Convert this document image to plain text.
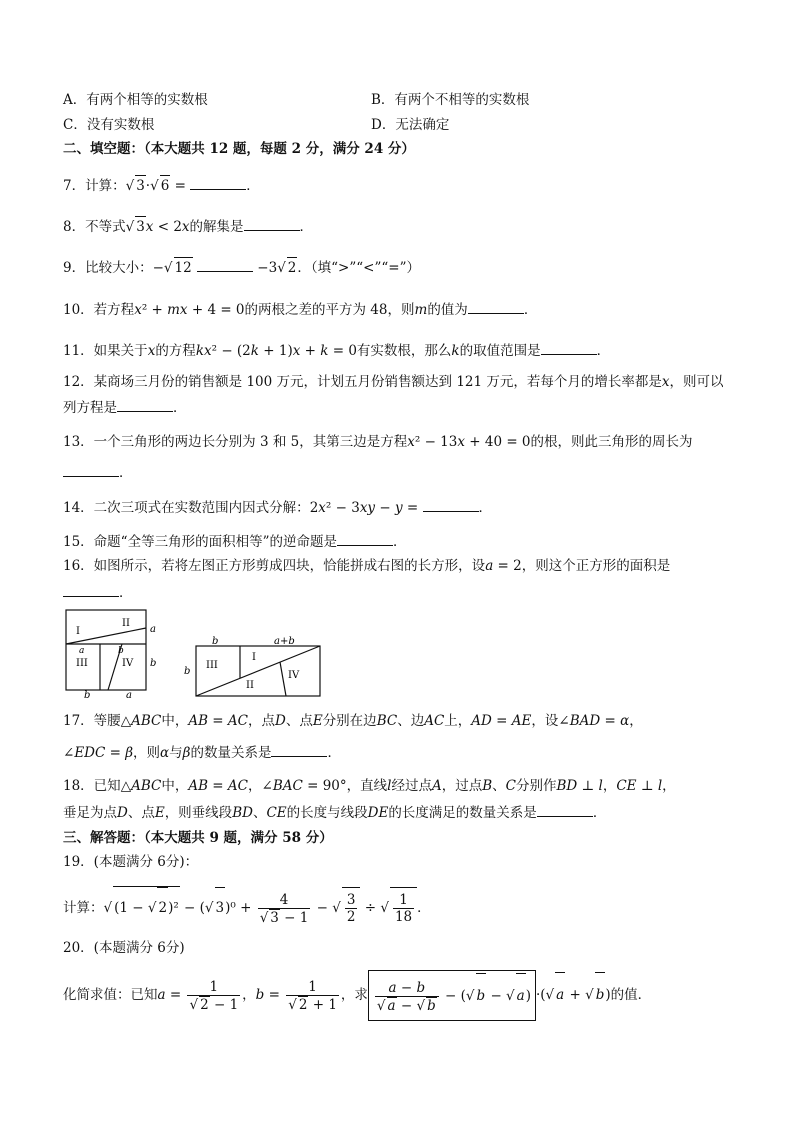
A．有两个相等的实数根	B．有两个不相等的实数根
C．没有实数根	D．无法确定
二、填空题：（本大题共 12 题，每题 2 分，满分 24 分）
7．计算：√ 3·√ 6 =	．
8．不等式√ 3x < 2x的解集是	．
9．比较大小：−√ 12	−3√ 2．（填“>”“<”“=”）
10．若方程x² + mx + 4 = 0的两根之差的平方为 48，则m的值为	．
11．如果关于x的方程kx² − (2k + 1)x + k = 0有实数根，那么k的取值范围是	．
12．某商场三月份的销售额是 100 万元，计划五月份销售额达到 121 万元，若每个月的增长率都是x，则可以
列方程是	．
13．一个三角形的两边长分别为 3 和 5，其第三边是方程x² − 13x + 40 = 0的根，则此三角形的周长为
．
14．二次三项式在实数范围内因式分解：2x² − 3xy − y =	．
15．命题“全等三角形的面积相等”的逆命题是	．
16．如图所示，若将左图正方形剪成四块，恰能拼成右图的长方形，设a = 2，则这个正方形的面积是
．
I
II
III	IV
a
a
a
b
b
b
b	a+b
b
I
II
III
IV
17．等腰△ABC中，AB = AC，点D、点E分别在边BC、边AC上，AD = AE，设∠BAD = α，
∠EDC = β，则α与β的数量关系是	．
18．已知△ABC中，AB = AC，∠BAC = 90°，直线l经过点A，过点B、C分别作BD ⊥ l，CE ⊥ l，
垂足为点D、点E，则垂线段BD、CE的长度与线段DE的长度满足的数量关系是	．
三、解答题：（本大题共 9 题，满分 58 分）
19．(本题满分 6分)：
计算：√ (1 − √ 2)² − (√ $3)^0 + \frac{4}{√ 3 - 1}$ − √ $\frac{3}{2}$ ÷ √ $\frac{1}{18}$ ．
20．(本题满分 6分)
化简求值：已知$a = \frac{1}{√ 2 - 1}$ ，$b = \frac{1}{√ 2 + 1}$ ，求 $\frac{a - b}{√ a - √ b}$ − (√ b − √ a) ·(√ a + √ b)的值．
